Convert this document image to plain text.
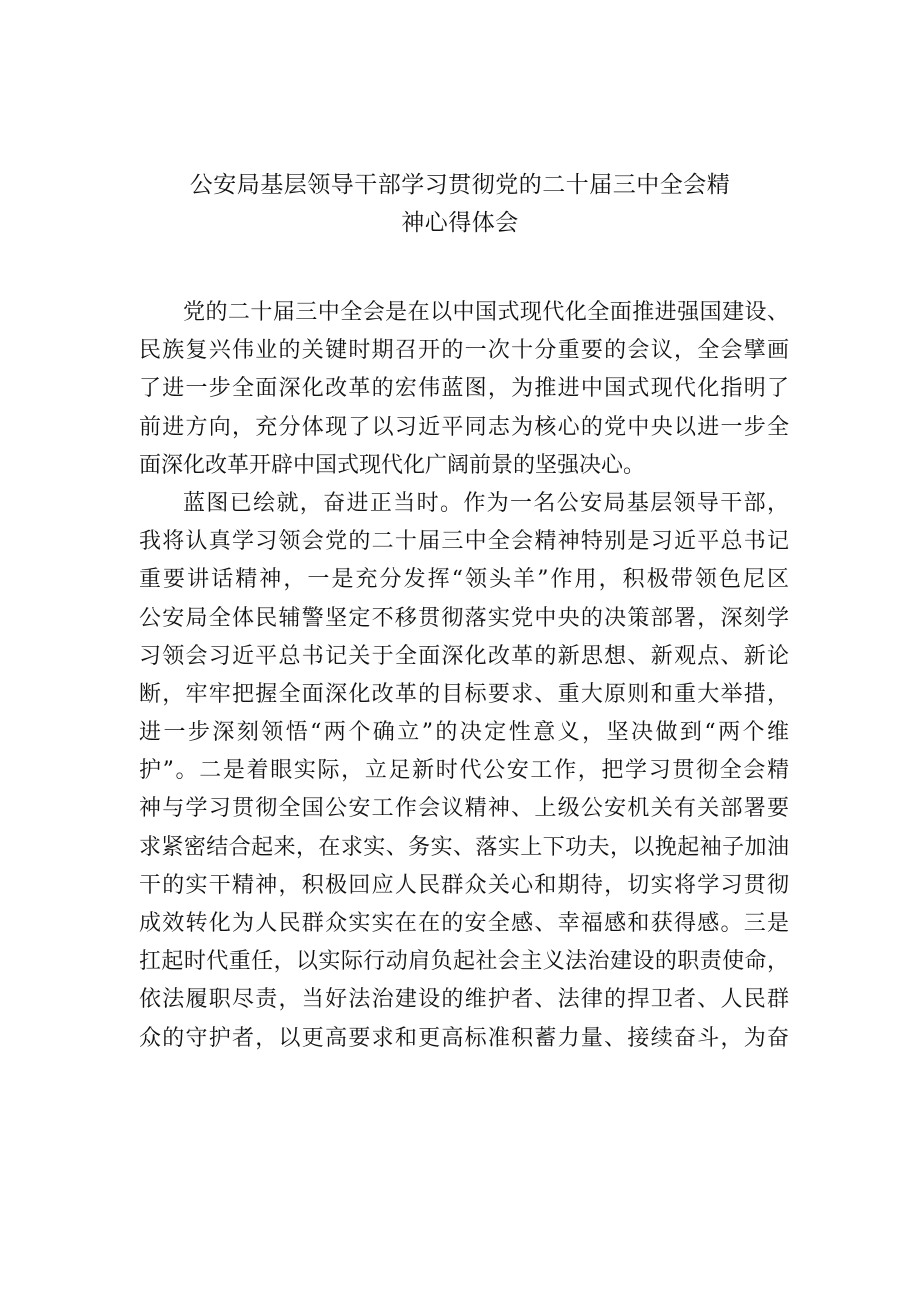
公安局基层领导干部学习贯彻党的二十届三中全会精
神心得体会
党的二十届三中全会是在以中国式现代化全面推进强国建设、
民族复兴伟业的关键时期召开的一次十分重要的会议，全会擘画
了进一步全面深化改革的宏伟蓝图，为推进中国式现代化指明了
前进方向，充分体现了以习近平同志为核心的党中央以进一步全
面深化改革开辟中国式现代化广阔前景的坚强决心。
蓝图已绘就，奋进正当时。作为一名公安局基层领导干部，
我将认真学习领会党的二十届三中全会精神特别是习近平总书记
重要讲话精神，一是充分发挥“领头羊”作用，积极带领色尼区
公安局全体民辅警坚定不移贯彻落实党中央的决策部署，深刻学
习领会习近平总书记关于全面深化改革的新思想、新观点、新论
断，牢牢把握全面深化改革的目标要求、重大原则和重大举措，
进一步深刻领悟“两个确立”的决定性意义，坚决做到“两个维
护”。二是着眼实际，立足新时代公安工作，把学习贯彻全会精
神与学习贯彻全国公安工作会议精神、上级公安机关有关部署要
求紧密结合起来，在求实、务实、落实上下功夫，以挽起袖子加油
干的实干精神，积极回应人民群众关心和期待，切实将学习贯彻
成效转化为人民群众实实在在的安全感、幸福感和获得感。三是
扛起时代重任，以实际行动肩负起社会主义法治建设的职责使命，
依法履职尽责，当好法治建设的维护者、法律的捍卫者、人民群
众的守护者，以更高要求和更高标准积蓄力量、接续奋斗，为奋
